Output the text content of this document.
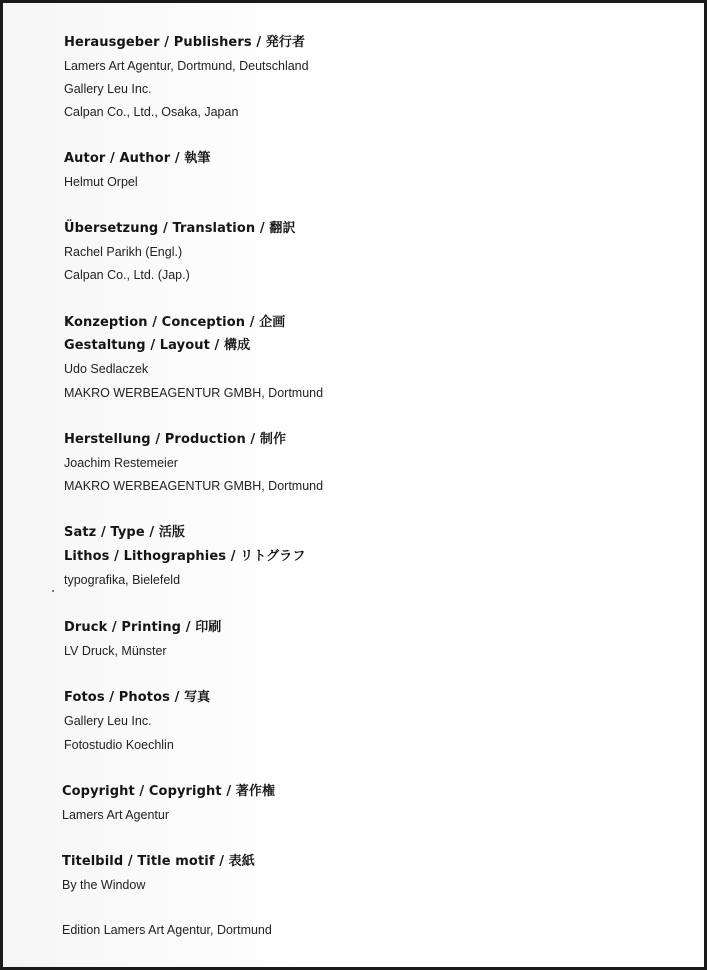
Herausgeber / Publishers / 発行者
Lamers Art Agentur, Dortmund, Deutschland
Gallery Leu Inc.
Calpan Co., Ltd., Osaka, Japan
Autor / Author / 執筆
Helmut Orpel
Übersetzung / Translation / 翻訳
Rachel Parikh (Engl.)
Calpan Co., Ltd. (Jap.)
Konzeption / Conception / 企画
Gestaltung / Layout / 構成
Udo Sedlaczek
MAKRO WERBEAGENTUR GMBH, Dortmund
Herstellung / Production / 制作
Joachim Restemeier
MAKRO WERBEAGENTUR GMBH, Dortmund
Satz / Type / 活版
Lithos / Lithographies / リトグラフ
typografika, Bielefeld
Druck / Printing / 印刷
LV Druck, Münster
Fotos / Photos / 写真
Gallery Leu Inc.
Fotostudio Koechlin
Copyright / Copyright / 著作権
Lamers Art Agentur
Titelbild / Title motif / 表紙
By the Window
Edition Lamers Art Agentur, Dortmund
